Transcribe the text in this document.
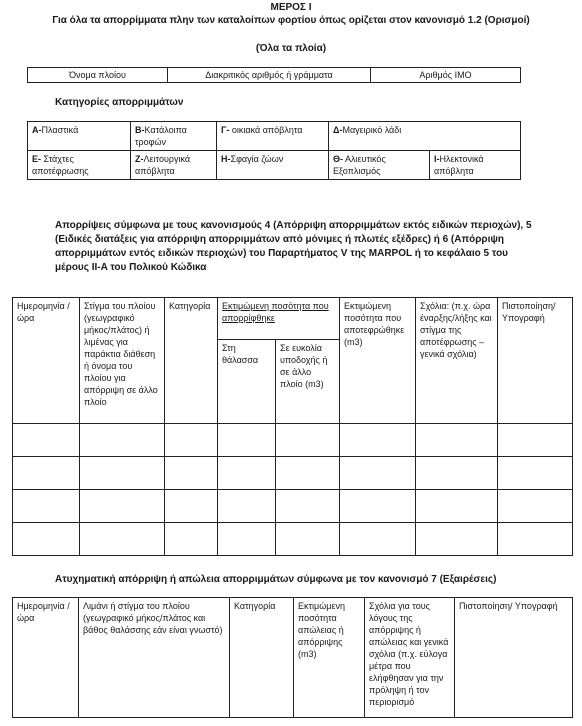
ΜΕΡΟΣ Ι
Για όλα τα απορρίμματα πλην των καταλοίπων φορτίου όπως ορίζεται στον κανονισμό 1.2 (Ορισμοί)
(Όλα τα πλοία)
Όνομα πλοίου	Διακριτικός αριθμός ή γράμματα	Αριθμός IMO
Κατηγορίες απορριμμάτων
A-Πλαστικά	B-Κατάλοιπα τροφών	Γ- οικιακά απόβλητα	Δ-Μαγειρικό λάδι	
Ε- Στάχτες αποτέφρωσης	Ζ-Λειτουργικά απόβλητα	Η-Σφαγία ζώων	Θ- Αλιευτικός Εξοπλισμός	Ι-Ηλεκτονικά απόβλητα
Απορρίψεις σύμφωνα με τους κανονισμούς 4 (Απόρριψη απορριμμάτων εκτός ειδικών περιοχών), 5 (Ειδικές διατάξεις για απόρριψη απορριμμάτων από μόνιμες ή πλωτές εξέδρες) ή 6 (Απόρριψη απορριμμάτων εντός ειδικών περιοχών) του Παραρτήματος V της MARPOL ή το κεφάλαιο 5 του μέρους II-A του Πολικού Κώδικα
Ημερομηνία /ώρα	Στίγμα του πλοίου (γεωγραφικό μήκος/πλάτος) ή λιμένας για παράκτια διάθεση ή όνομα του πλοίου για απόρριψη σε άλλο πλοίο	Κατηγορία	Εκτιμώμενη ποσότητα που απορρίφθηκε		Εκτιμώμενη ποσότητα που αποτεφρώθηκε (m3)	Σχόλια: (π.χ. ώρα έναρξης/λήξης και στίγμα της αποτέφρωσης – γενικά σχόλια)	Πιστοποίηση/Υπογραφή
			Στη θάλασσα	Σε ευκολία υποδοχής ή σε άλλο πλοίο (m3)			

Ατυχηματική απόρριψη ή απώλεια απορριμμάτων σύμφωνα με τον κανονισμό 7 (Εξαιρέσεις)
Ημερομηνία /ώρα	Λιμάνι ή στίγμα του πλοίου (γεωγραφικό μήκος/πλάτος και βάθος θαλάσσης εάν είναι γνωστό)	Κατηγορία	Εκτιμώμενη ποσότητα απώλειας ή απόρριψης (m3)	Σχόλια για τους λόγους της απόρριψης ή απώλειας και γενικά σχόλια (π.χ. εύλογα μέτρα που ελήφθησαν για την πρόληψη ή τον περιορισμό	Πιστοποίηση/ Υπογραφή
